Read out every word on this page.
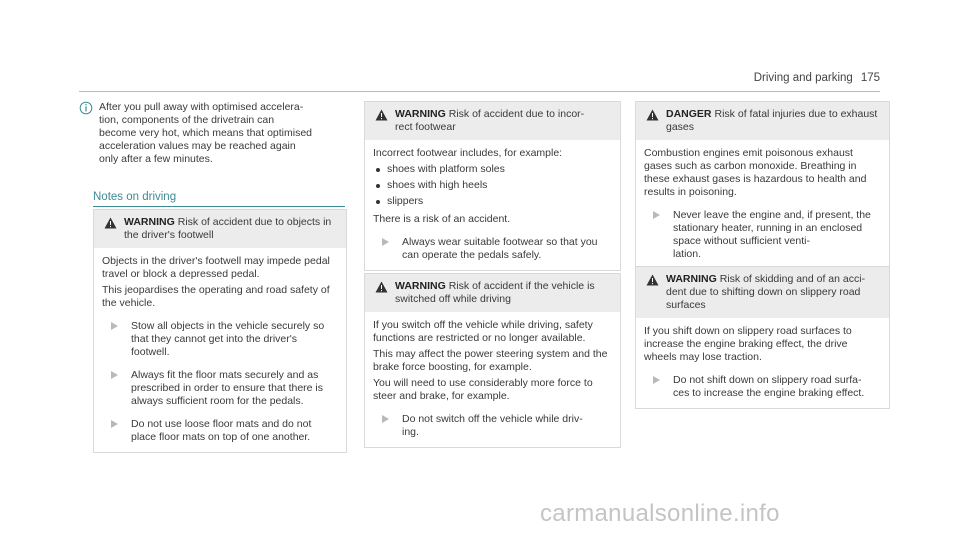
Driving and parking 175
After you pull away with optimised accelera-
tion, components of the drivetrain can
become very hot, which means that optimised
acceleration values may be reached again
only after a few minutes.
Notes on driving
WARNING Risk of accident due to objects in the driver's footwell

Objects in the driver's footwell may impede pedal travel or block a depressed pedal.

This jeopardises the operating and road safety of the vehicle.

Stow all objects in the vehicle securely so that they cannot get into the driver's footwell.
Always fit the floor mats securely and as prescribed in order to ensure that there is always sufficient room for the pedals.
Do not use loose floor mats and do not place floor mats on top of one another.
WARNING Risk of accident due to incor-
rect footwear

Incorrect footwear includes, for example:

shoes with platform soles
shoes with high heels
slippers

There is a risk of an accident.

Always wear suitable footwear so that you can operate the pedals safely.
WARNING Risk of accident if the vehicle is switched off while driving

If you switch off the vehicle while driving, safety functions are restricted or no longer available.

This may affect the power steering system and the brake force boosting, for example.

You will need to use considerably more force to steer and brake, for example.

Do not switch off the vehicle while driv-
ing.
DANGER Risk of fatal injuries due to exhaust gases

Combustion engines emit poisonous exhaust gases such as carbon monoxide. Breathing in these exhaust gases is hazardous to health and results in poisoning.

Never leave the engine and, if present, the stationary heater, running in an enclosed space without sufficient venti-
lation.
WARNING Risk of skidding and of an acci-
dent due to shifting down on slippery road surfaces

If you shift down on slippery road surfaces to increase the engine braking effect, the drive wheels may lose traction.

Do not shift down on slippery road surfa-
ces to increase the engine braking effect.
carmanualsonline.info
